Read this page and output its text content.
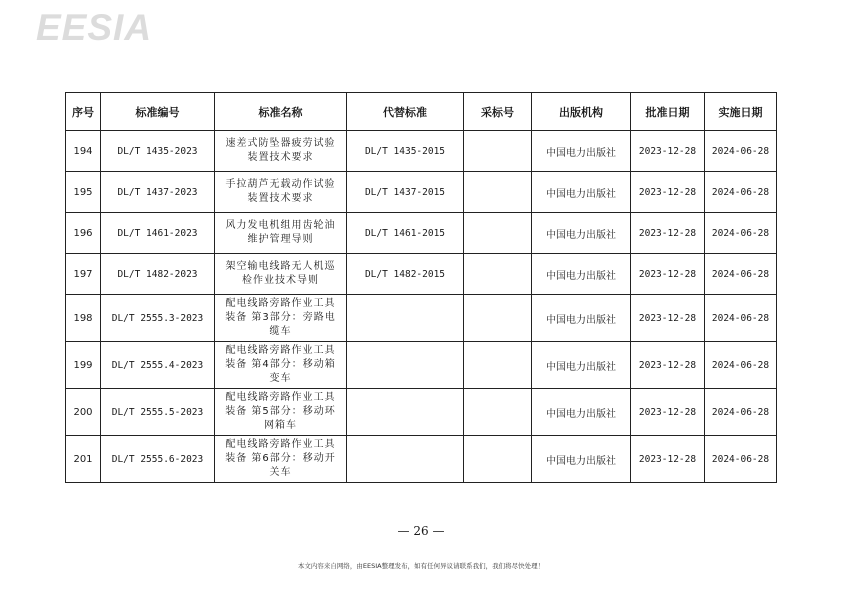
EESIA
序号	标准编号	标准名称	代替标准	采标号	出版机构	批准日期	实施日期
194	DL/T 1435-2023	速差式防坠器疲劳试验装置技术要求	DL/T 1435-2015		中国电力出版社	2023-12-28	2024-06-28
195	DL/T 1437-2023	手拉葫芦无载动作试验装置技术要求	DL/T 1437-2015		中国电力出版社	2023-12-28	2024-06-28
196	DL/T 1461-2023	风力发电机组用齿轮油维护管理导则	DL/T 1461-2015		中国电力出版社	2023-12-28	2024-06-28
197	DL/T 1482-2023	架空输电线路无人机巡检作业技术导则	DL/T 1482-2015		中国电力出版社	2023-12-28	2024-06-28
198	DL/T 2555.3-2023	配电线路旁路作业工具装备 第3部分：旁路电缆车			中国电力出版社	2023-12-28	2024-06-28
199	DL/T 2555.4-2023	配电线路旁路作业工具装备 第4部分：移动箱变车			中国电力出版社	2023-12-28	2024-06-28
200	DL/T 2555.5-2023	配电线路旁路作业工具装备 第5部分：移动环网箱车			中国电力出版社	2023-12-28	2024-06-28
201	DL/T 2555.6-2023	配电线路旁路作业工具装备 第6部分：移动开关车			中国电力出版社	2023-12-28	2024-06-28
— 26 —
本文内容来自网络，由EESIA整理发布，如有任何异议请联系我们，我们将尽快处理！
